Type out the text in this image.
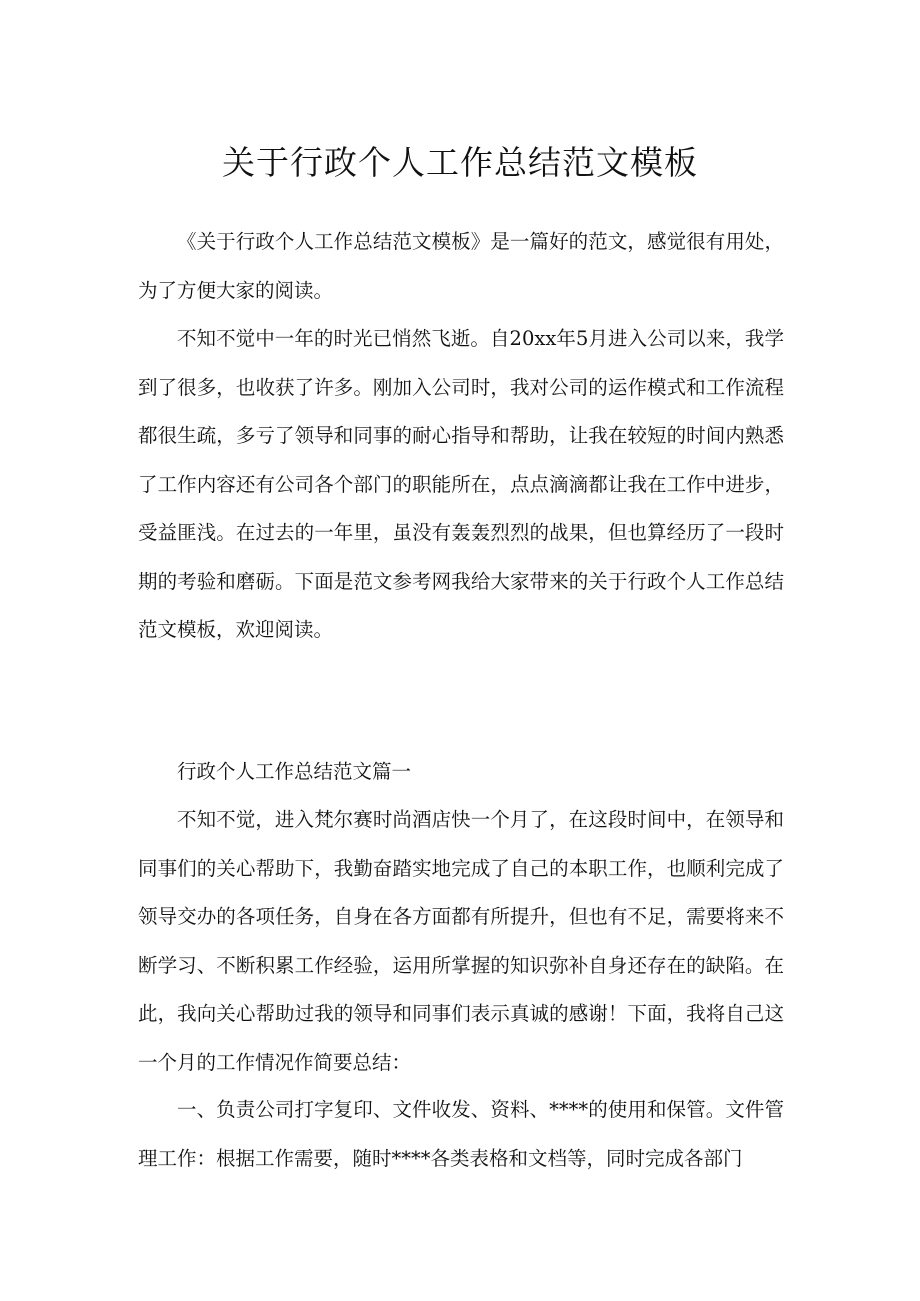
关于行政个人工作总结范文模板

《关于行政个人工作总结范文模板》是一篇好的范文，感觉很有用处，为了方便大家的阅读。

不知不觉中一年的时光已悄然飞逝。自20xx年5月进入公司以来，我学到了很多，也收获了许多。刚加入公司时，我对公司的运作模式和工作流程都很生疏，多亏了领导和同事的耐心指导和帮助，让我在较短的时间内熟悉了工作内容还有公司各个部门的职能所在，点点滴滴都让我在工作中进步，受益匪浅。在过去的一年里，虽没有轰轰烈烈的战果，但也算经历了一段时期的考验和磨砺。下面是范文参考网我给大家带来的关于行政个人工作总结范文模板，欢迎阅读。

行政个人工作总结范文篇一

不知不觉，进入梵尔赛时尚酒店快一个月了，在这段时间中，在领导和同事们的关心帮助下，我勤奋踏实地完成了自己的本职工作，也顺利完成了领导交办的各项任务，自身在各方面都有所提升，但也有不足，需要将来不断学习、不断积累工作经验，运用所掌握的知识弥补自身还存在的缺陷。在此，我向关心帮助过我的领导和同事们表示真诚的感谢！下面，我将自己这一个月的工作情况作简要总结：

一、负责公司打字复印、文件收发、资料、****的使用和保管。文件管理工作：根据工作需要，随时****各类表格和文档等，同时完成各部门
